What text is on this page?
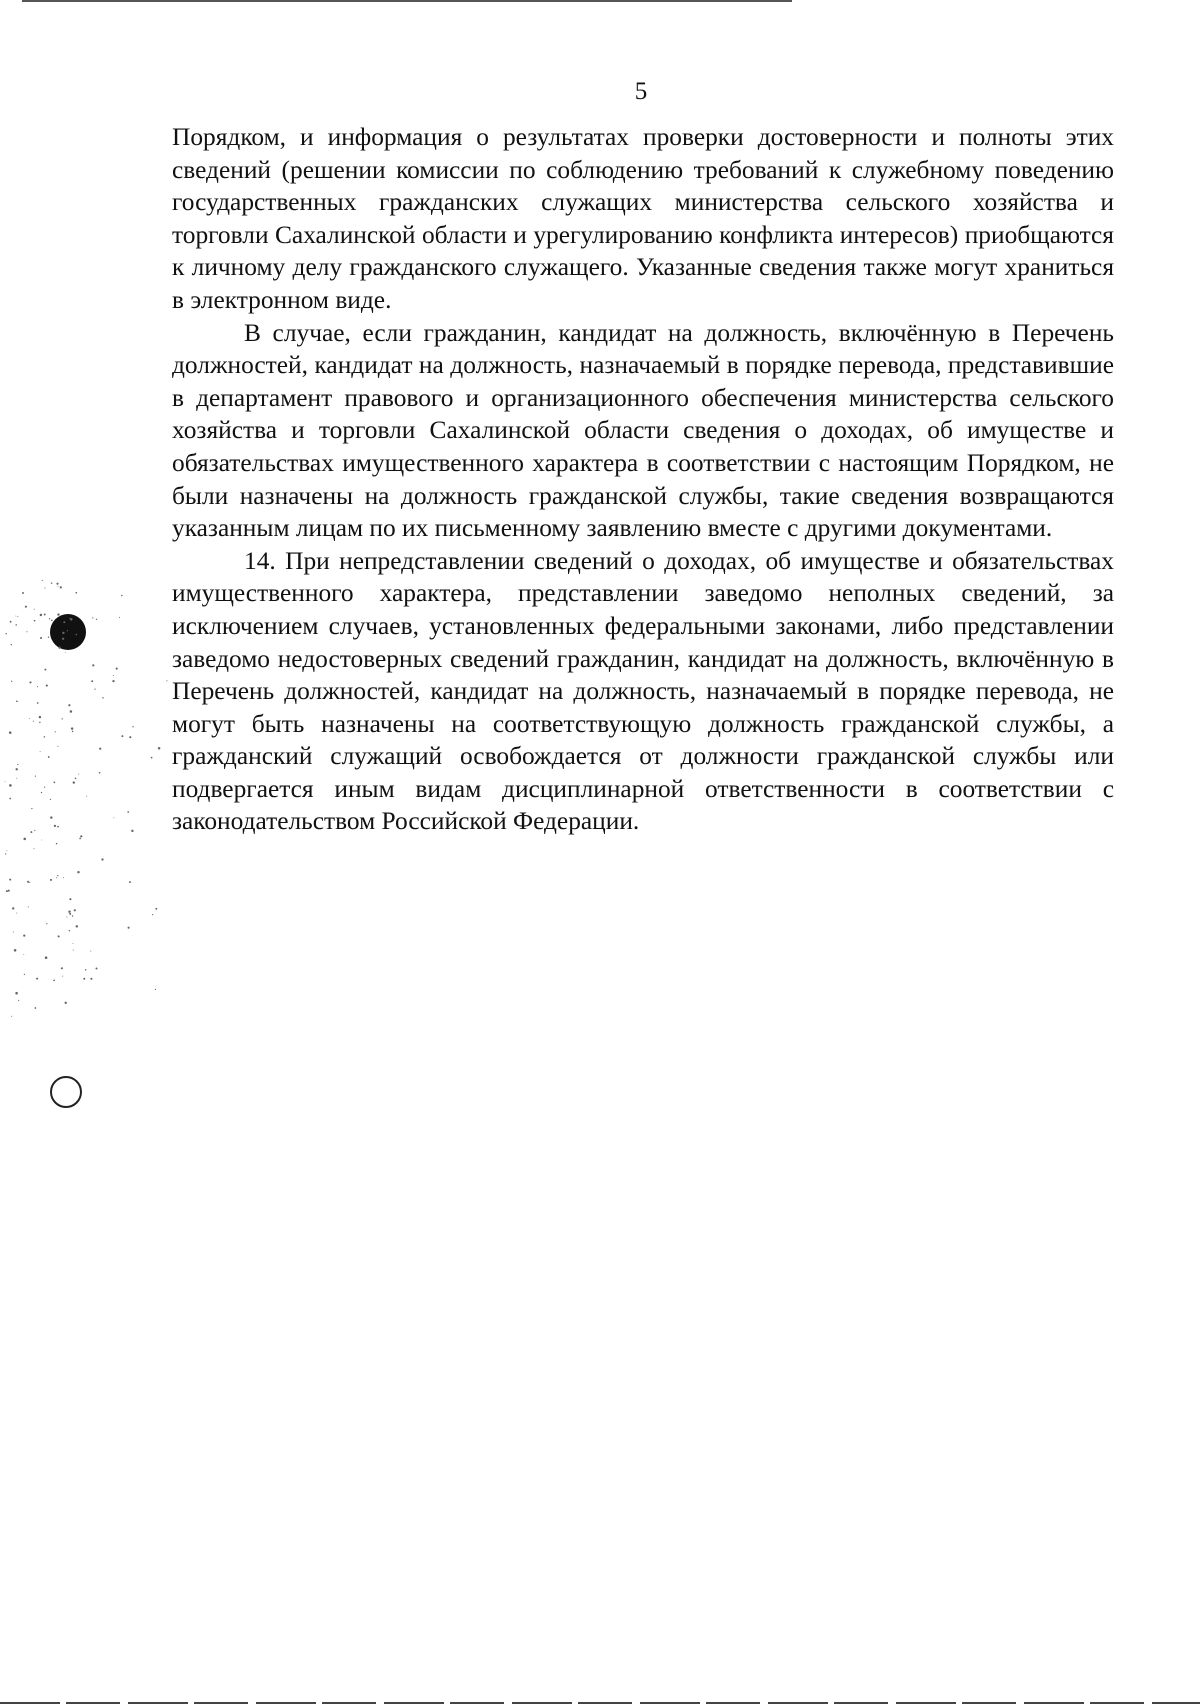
5

Порядком, и информация о результатах проверки достоверности и полноты этих сведений (решении комиссии по соблюдению требований к служебному поведению государственных гражданских служащих министерства сельского хозяйства и торговли Сахалинской области и урегулированию конфликта интересов) приобщаются к личному делу гражданского служащего. Указанные сведения также могут храниться в электронном виде.

В случае, если гражданин, кандидат на должность, включённую в Перечень должностей, кандидат на должность, назначаемый в порядке перевода, представившие в департамент правового и организационного обеспечения министерства сельского хозяйства и торговли Сахалинской области сведения о доходах, об имуществе и обязательствах имущественного характера в соответствии с настоящим Порядком, не были назначены на должность гражданской службы, такие сведения возвращаются указанным лицам по их письменному заявлению вместе с другими документами.

14. При непредставлении сведений о доходах, об имуществе и обязательствах имущественного характера, представлении заведомо неполных сведений, за исключением случаев, установленных федеральными законами, либо представлении заведомо недостоверных сведений гражданин, кандидат на должность, включённую в Перечень должностей, кандидат на должность, назначаемый в порядке перевода, не могут быть назначены на соответствующую должность гражданской службы, а гражданский служащий освобождается от должности гражданской службы или подвергается иным видам дисциплинарной ответственности в соответствии с законодательством Российской Федерации.
